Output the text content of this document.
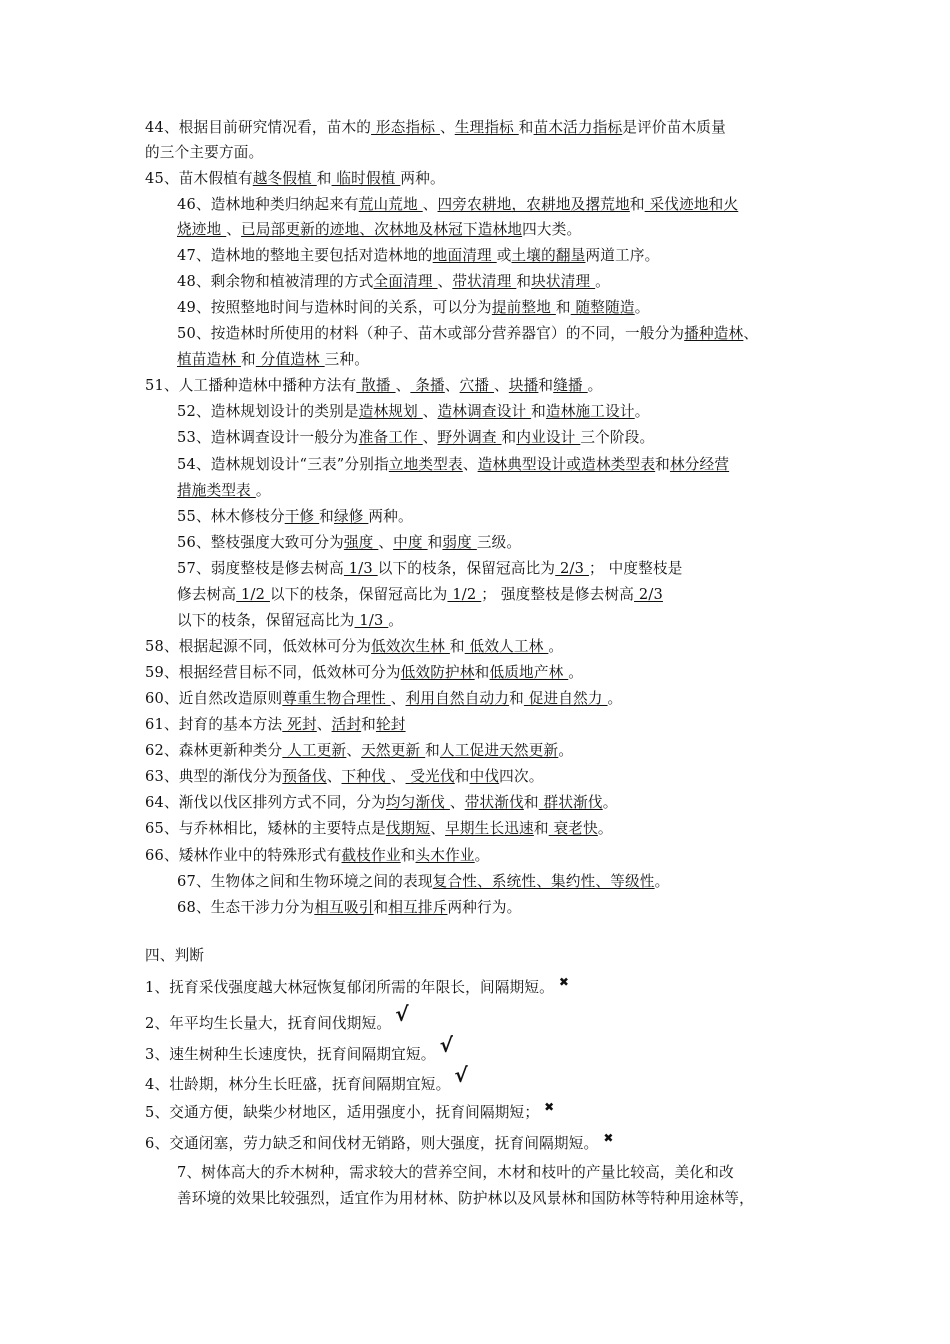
44、根据目前研究情况看，苗木的 形态指标 、生理指标 和苗木活力指标是评价苗木质量
的三个主要方面。
45、苗木假植有越冬假植 和 临时假植 两种。
46、造林地种类归纳起来有荒山荒地 、四旁农耕地，农耕地及撂荒地和 采伐迹地和火
烧迹地 、已局部更新的迹地、次林地及林冠下造林地四大类。
47、造林地的整地主要包括对造林地的地面清理 或土壤的翻垦两道工序。
48、剩余物和植被清理的方式全面清理 、带状清理 和块状清理 。
49、按照整地时间与造林时间的关系，可以分为提前整地 和 随整随造。
50、按造林时所使用的材料（种子、苗木或部分营养器官）的不同，一般分为播种造林、
植苗造林 和 分值造林 三种。
51、人工播种造林中播种方法有 散播 、 条播、穴播 、块播和缝播 。
52、造林规划设计的类别是造林规划 、造林调查设计 和造林施工设计。
53、造林调查设计一般分为准备工作 、野外调查 和内业设计 三个阶段。
54、造林规划设计“三表”分别指立地类型表、造林典型设计或造林类型表和林分经营
措施类型表 。
55、林木修枝分干修 和绿修 两种。
56、整枝强度大致可分为强度 、中度 和弱度 三级。
57、弱度整枝是修去树高 1/3 以下的枝条，保留冠高比为 2/3 ； 中度整枝是
修去树高 1/2 以下的枝条，保留冠高比为 1/2 ； 强度整枝是修去树高 2/3
以下的枝条，保留冠高比为 1/3 。
58、根据起源不同，低效林可分为低效次生林 和 低效人工林 。
59、根据经营目标不同，低效林可分为低效防护林和低质地产林 。
60、近自然改造原则尊重生物合理性 、利用自然自动力和 促进自然力 。
61、封育的基本方法 死封、活封和轮封
62、森林更新种类分 人工更新、天然更新 和人工促进天然更新。
63、典型的渐伐分为预备伐、下种伐 、 受光伐和中伐四次。
64、渐伐以伐区排列方式不同，分为均匀渐伐 、带状渐伐和 群状渐伐。
65、与乔林相比，矮林的主要特点是伐期短、早期生长迅速和 衰老快。
66、矮林作业中的特殊形式有截枝作业和头木作业。
67、生物体之间和生物环境之间的表现复合性、系统性、集约性、等级性。
68、生态干涉力分为相互吸引和相互排斥两种行为。
四、判断
1、抚育采伐强度越大林冠恢复郁闭所需的年限长，间隔期短。 ✖
2、年平均生长量大，抚育间伐期短。 √
3、速生树种生长速度快，抚育间隔期宜短。 √
4、壮龄期，林分生长旺盛，抚育间隔期宜短。 √
5、交通方便，缺柴少材地区，适用强度小，抚育间隔期短； ✖
6、交通闭塞，劳力缺乏和间伐材无销路，则大强度，抚育间隔期短。 ✖
7、树体高大的乔木树种，需求较大的营养空间，木材和枝叶的产量比较高，美化和改
善环境的效果比较强烈，适宜作为用材林、防护林以及风景林和国防林等特种用途林等，
